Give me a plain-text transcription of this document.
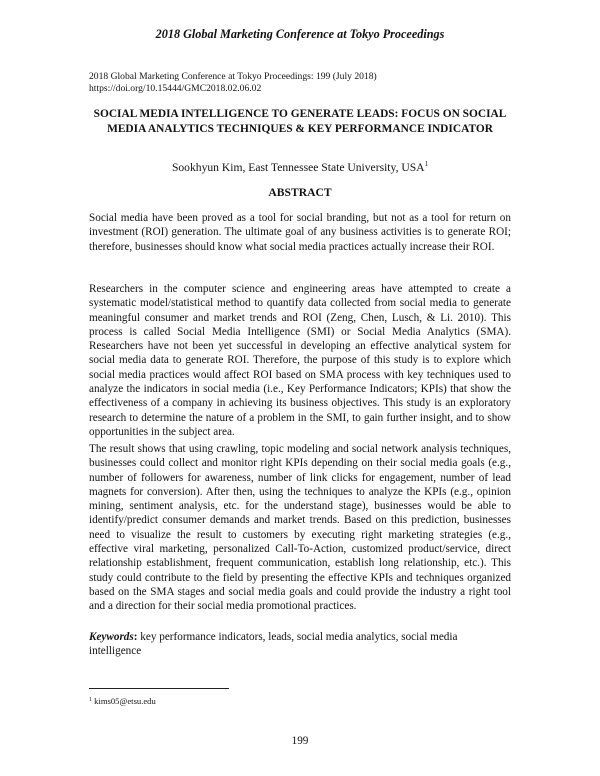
2018 Global Marketing Conference at Tokyo Proceedings
2018 Global Marketing Conference at Tokyo Proceedings: 199 (July 2018)
https://doi.org/10.15444/GMC2018.02.06.02
SOCIAL MEDIA INTELLIGENCE TO GENERATE LEADS: FOCUS ON SOCIAL MEDIA ANALYTICS TECHNIQUES & KEY PERFORMANCE INDICATOR
Sookhyun Kim, East Tennessee State University, USA$^1$
ABSTRACT

Social media have been proved as a tool for social branding, but not as a tool for return on investment (ROI) generation. The ultimate goal of any business activities is to generate ROI; therefore, businesses should know what social media practices actually increase their ROI.

Researchers in the computer science and engineering areas have attempted to create a systematic model/statistical method to quantify data collected from social media to generate meaningful consumer and market trends and ROI (Zeng, Chen, Lusch, & Li. 2010). This process is called Social Media Intelligence (SMI) or Social Media Analytics (SMA). Researchers have not been yet successful in developing an effective analytical system for social media data to generate ROI. Therefore, the purpose of this study is to explore which social media practices would affect ROI based on SMA process with key techniques used to analyze the indicators in social media (i.e., Key Performance Indicators; KPIs) that show the effectiveness of a company in achieving its business objectives. This study is an exploratory research to determine the nature of a problem in the SMI, to gain further insight, and to show opportunities in the subject area.

The result shows that using crawling, topic modeling and social network analysis techniques, businesses could collect and monitor right KPIs depending on their social media goals (e.g., number of followers for awareness, number of link clicks for engagement, number of lead magnets for conversion). After then, using the techniques to analyze the KPIs (e.g., opinion mining, sentiment analysis, etc. for the understand stage), businesses would be able to identify/predict consumer demands and market trends. Based on this prediction, businesses need to visualize the result to customers by executing right marketing strategies (e.g., effective viral marketing, personalized Call-To-Action, customized product/service, direct relationship establishment, frequent communication, establish long relationship, etc.). This study could contribute to the field by presenting the effective KPIs and techniques organized based on the SMA stages and social media goals and could provide the industry a right tool and a direction for their social media promotional practices.

Keywords: key performance indicators, leads, social media analytics, social media intelligence

$^1$ kims05@etsu.edu
199
